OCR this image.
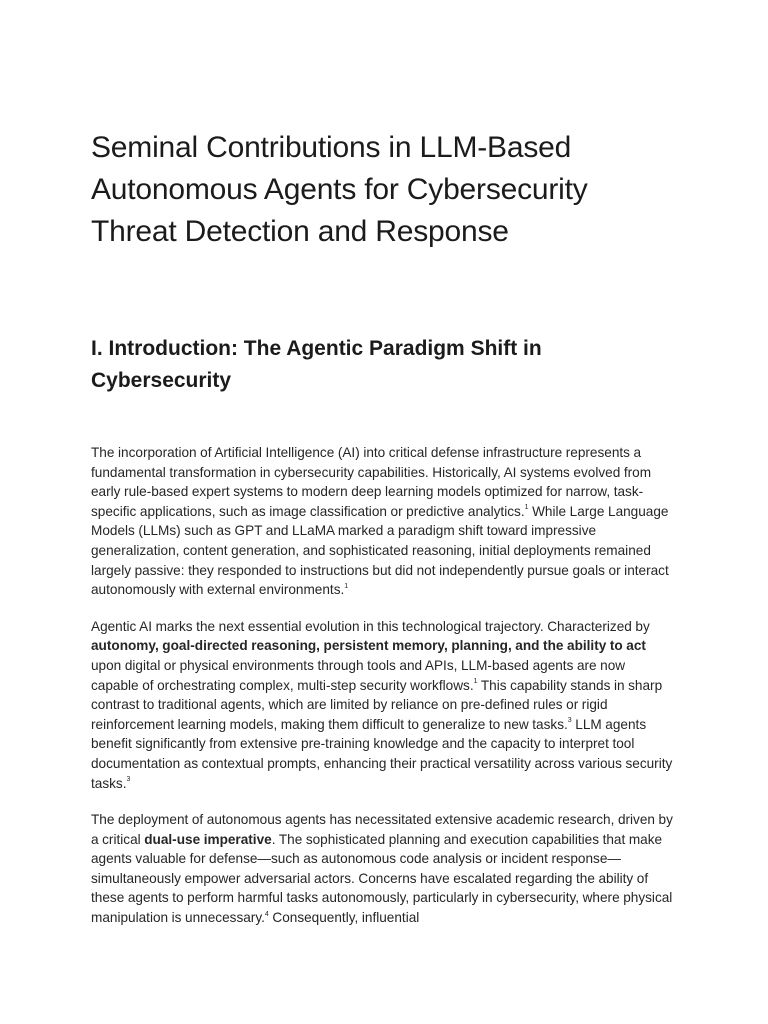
Seminal Contributions in LLM-Based Autonomous Agents for Cybersecurity Threat Detection and Response
I. Introduction: The Agentic Paradigm Shift in Cybersecurity

The incorporation of Artificial Intelligence (AI) into critical defense infrastructure represents a fundamental transformation in cybersecurity capabilities. Historically, AI systems evolved from early rule-based expert systems to modern deep learning models optimized for narrow, task-specific applications, such as image classification or predictive analytics.$^1$ While Large Language Models (LLMs) such as GPT and LLaMA marked a paradigm shift toward impressive generalization, content generation, and sophisticated reasoning, initial deployments remained largely passive: they responded to instructions but did not independently pursue goals or interact autonomously with external environments.$^1$

Agentic AI marks the next essential evolution in this technological trajectory. Characterized by autonomy, goal-directed reasoning, persistent memory, planning, and the ability to act upon digital or physical environments through tools and APIs, LLM-based agents are now capable of orchestrating complex, multi-step security workflows.$^1$ This capability stands in sharp contrast to traditional agents, which are limited by reliance on pre-defined rules or rigid reinforcement learning models, making them difficult to generalize to new tasks.$^3$ LLM agents benefit significantly from extensive pre-training knowledge and the capacity to interpret tool documentation as contextual prompts, enhancing their practical versatility across various security tasks.$^3$

The deployment of autonomous agents has necessitated extensive academic research, driven by a critical dual-use imperative. The sophisticated planning and execution capabilities that make agents valuable for defense—such as autonomous code analysis or incident response—simultaneously empower adversarial actors. Concerns have escalated regarding the ability of these agents to perform harmful tasks autonomously, particularly in cybersecurity, where physical manipulation is unnecessary.$^4$ Consequently, influential
